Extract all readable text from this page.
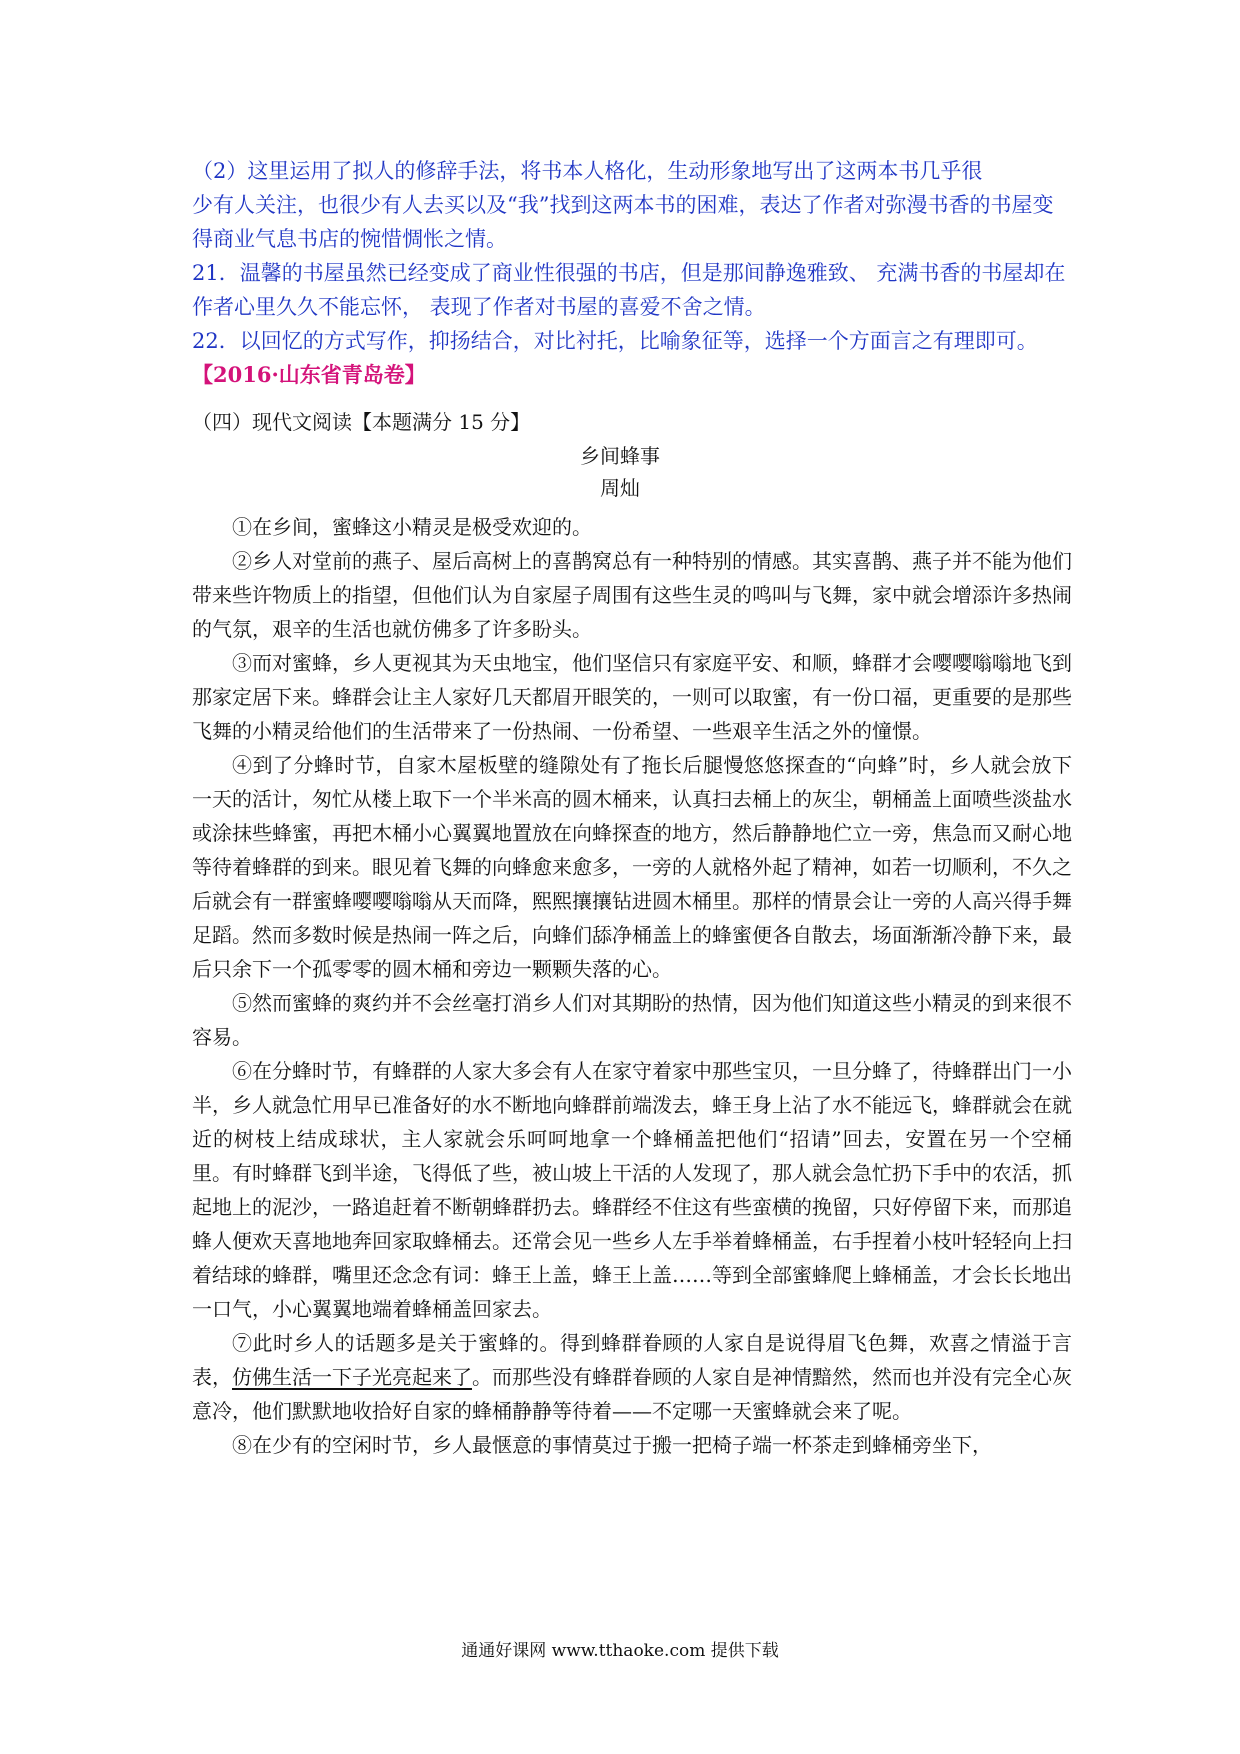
（2）这里运用了拟人的修辞手法，将书本人格化，生动形象地写出了这两本书几乎很

少有人关注，也很少有人去买以及“我”找到这两本书的困难，表达了作者对弥漫书香的书屋变得商业气息书店的惋惜惆怅之情。

21．温馨的书屋虽然已经变成了商业性很强的书店，但是那间静逸雅致、 充满书香的书屋却在作者心里久久不能忘怀， 表现了作者对书屋的喜爱不舍之情。

22．以回忆的方式写作，抑扬结合，对比衬托，比喻象征等，选择一个方面言之有理即可。

【2016·山东省青岛卷】

（四）现代文阅读【本题满分 15 分】
乡间蜂事
周灿

①在乡间，蜜蜂这小精灵是极受欢迎的。

②乡人对堂前的燕子、屋后高树上的喜鹊窝总有一种特别的情感。其实喜鹊、燕子并不能为他们带来些许物质上的指望，但他们认为自家屋子周围有这些生灵的鸣叫与飞舞，家中就会增添许多热闹的气氛，艰辛的生活也就仿佛多了许多盼头。

③而对蜜蜂，乡人更视其为天虫地宝，他们坚信只有家庭平安、和顺，蜂群才会嘤嘤嗡嗡地飞到那家定居下来。蜂群会让主人家好几天都眉开眼笑的，一则可以取蜜，有一份口福，更重要的是那些飞舞的小精灵给他们的生活带来了一份热闹、一份希望、一些艰辛生活之外的憧憬。

④到了分蜂时节，自家木屋板壁的缝隙处有了拖长后腿慢悠悠探查的“向蜂”时，乡人就会放下一天的活计，匆忙从楼上取下一个半米高的圆木桶来，认真扫去桶上的灰尘，朝桶盖上面喷些淡盐水或涂抹些蜂蜜，再把木桶小心翼翼地置放在向蜂探查的地方，然后静静地伫立一旁，焦急而又耐心地等待着蜂群的到来。眼见着飞舞的向蜂愈来愈多，一旁的人就格外起了精神，如若一切顺利，不久之后就会有一群蜜蜂嘤嘤嗡嗡从天而降，熙熙攘攘钻进圆木桶里。那样的情景会让一旁的人高兴得手舞足蹈。然而多数时候是热闹一阵之后，向蜂们舔净桶盖上的蜂蜜便各自散去，场面渐渐冷静下来，最后只余下一个孤零零的圆木桶和旁边一颗颗失落的心。

⑤然而蜜蜂的爽约并不会丝毫打消乡人们对其期盼的热情，因为他们知道这些小精灵的到来很不容易。

⑥在分蜂时节，有蜂群的人家大多会有人在家守着家中那些宝贝，一旦分蜂了，待蜂群出门一小半，乡人就急忙用早已准备好的水不断地向蜂群前端泼去，蜂王身上沾了水不能远飞，蜂群就会在就近的树枝上结成球状，主人家就会乐呵呵地拿一个蜂桶盖把他们“招请”回去，安置在另一个空桶里。有时蜂群飞到半途，飞得低了些，被山坡上干活的人发现了，那人就会急忙扔下手中的农活，抓起地上的泥沙，一路追赶着不断朝蜂群扔去。蜂群经不住这有些蛮横的挽留，只好停留下来，而那追蜂人便欢天喜地地奔回家取蜂桶去。还常会见一些乡人左手举着蜂桶盖，右手捏着小枝叶轻轻向上扫着结球的蜂群，嘴里还念念有词：蜂王上盖，蜂王上盖……等到全部蜜蜂爬上蜂桶盖，才会长长地出一口气，小心翼翼地端着蜂桶盖回家去。

⑦此时乡人的话题多是关于蜜蜂的。得到蜂群眷顾的人家自是说得眉飞色舞，欢喜之情溢于言表，仿佛生活一下子光亮起来了。而那些没有蜂群眷顾的人家自是神情黯然，然而也并没有完全心灰意冷，他们默默地收拾好自家的蜂桶静静等待着——不定哪一天蜜蜂就会来了呢。

⑧在少有的空闲时节，乡人最惬意的事情莫过于搬一把椅子端一杯茶走到蜂桶旁坐下，

通通好课网 www.tthaoke.com 提供下载
